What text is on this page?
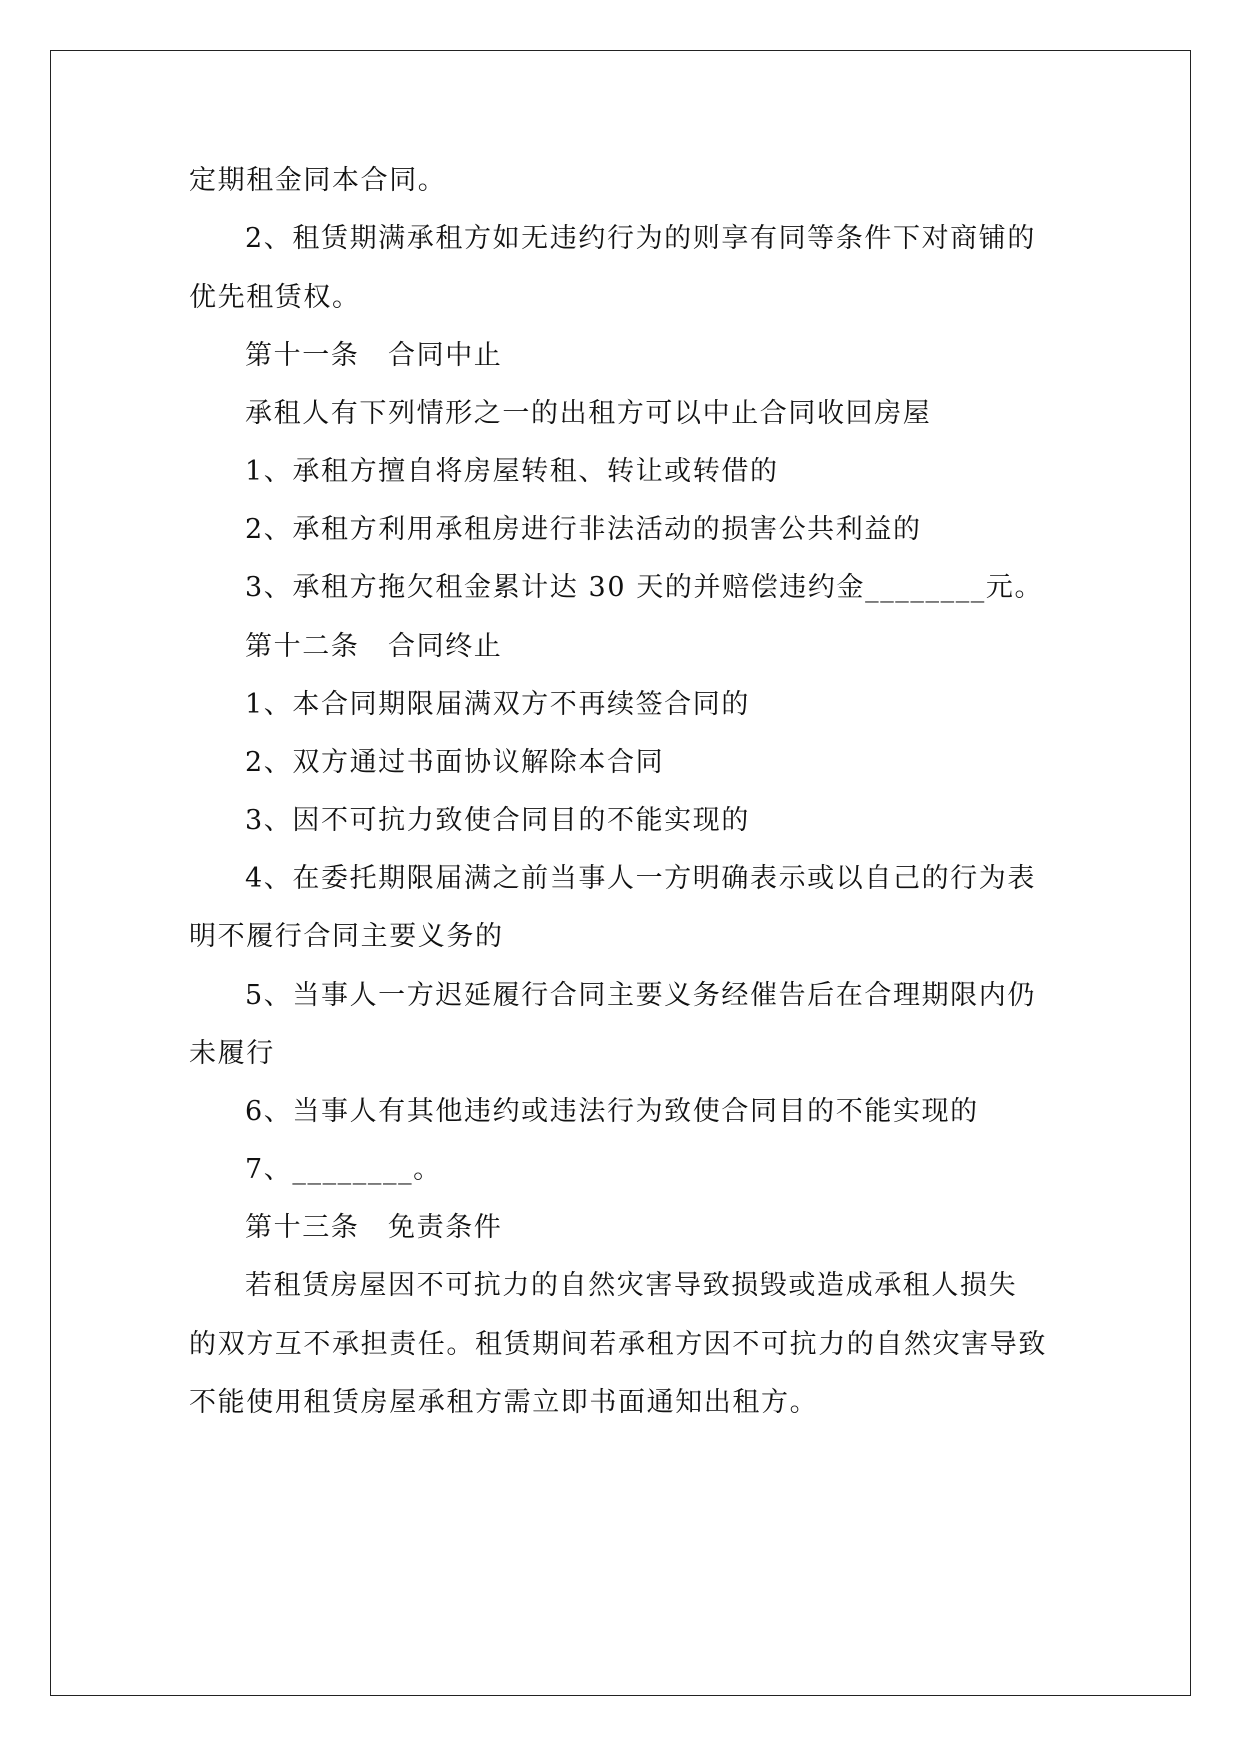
定期租金同本合同。
2、租赁期满承租方如无违约行为的则享有同等条件下对商铺的
优先租赁权。
第十一条　合同中止
承租人有下列情形之一的出租方可以中止合同收回房屋
1、承租方擅自将房屋转租、转让或转借的
2、承租方利用承租房进行非法活动的损害公共利益的
3、承租方拖欠租金累计达 30 天的并赔偿违约金________元。
第十二条　合同终止
1、本合同期限届满双方不再续签合同的
2、双方通过书面协议解除本合同
3、因不可抗力致使合同目的不能实现的
4、在委托期限届满之前当事人一方明确表示或以自己的行为表
明不履行合同主要义务的
5、当事人一方迟延履行合同主要义务经催告后在合理期限内仍
未履行
6、当事人有其他违约或违法行为致使合同目的不能实现的
7、________。
第十三条　免责条件
若租赁房屋因不可抗力的自然灾害导致损毁或造成承租人损失
的双方互不承担责任。租赁期间若承租方因不可抗力的自然灾害导致
不能使用租赁房屋承租方需立即书面通知出租方。
